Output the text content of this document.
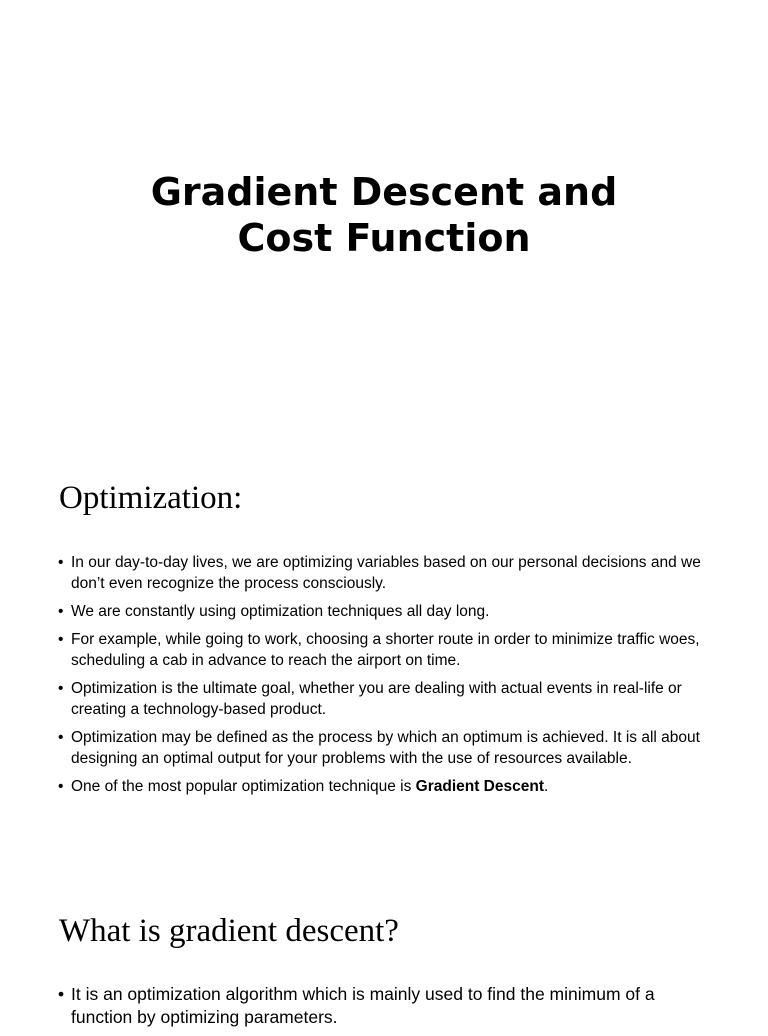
Gradient Descent and
Cost Function
Optimization:
• In our day-to-day lives, we are optimizing variables based on our personal decisions and we don’t even recognize the process consciously.
• We are constantly using optimization techniques all day long.
• For example, while going to work, choosing a shorter route in order to minimize traffic woes, scheduling a cab in advance to reach the airport on time.
• Optimization is the ultimate goal, whether you are dealing with actual events in real-life or creating a technology-based product.
• Optimization may be defined as the process by which an optimum is achieved. It is all about designing an optimal output for your problems with the use of resources available.
• One of the most popular optimization technique is Gradient Descent.
What is gradient descent?
• It is an optimization algorithm which is mainly used to find the minimum of a function by optimizing parameters.
